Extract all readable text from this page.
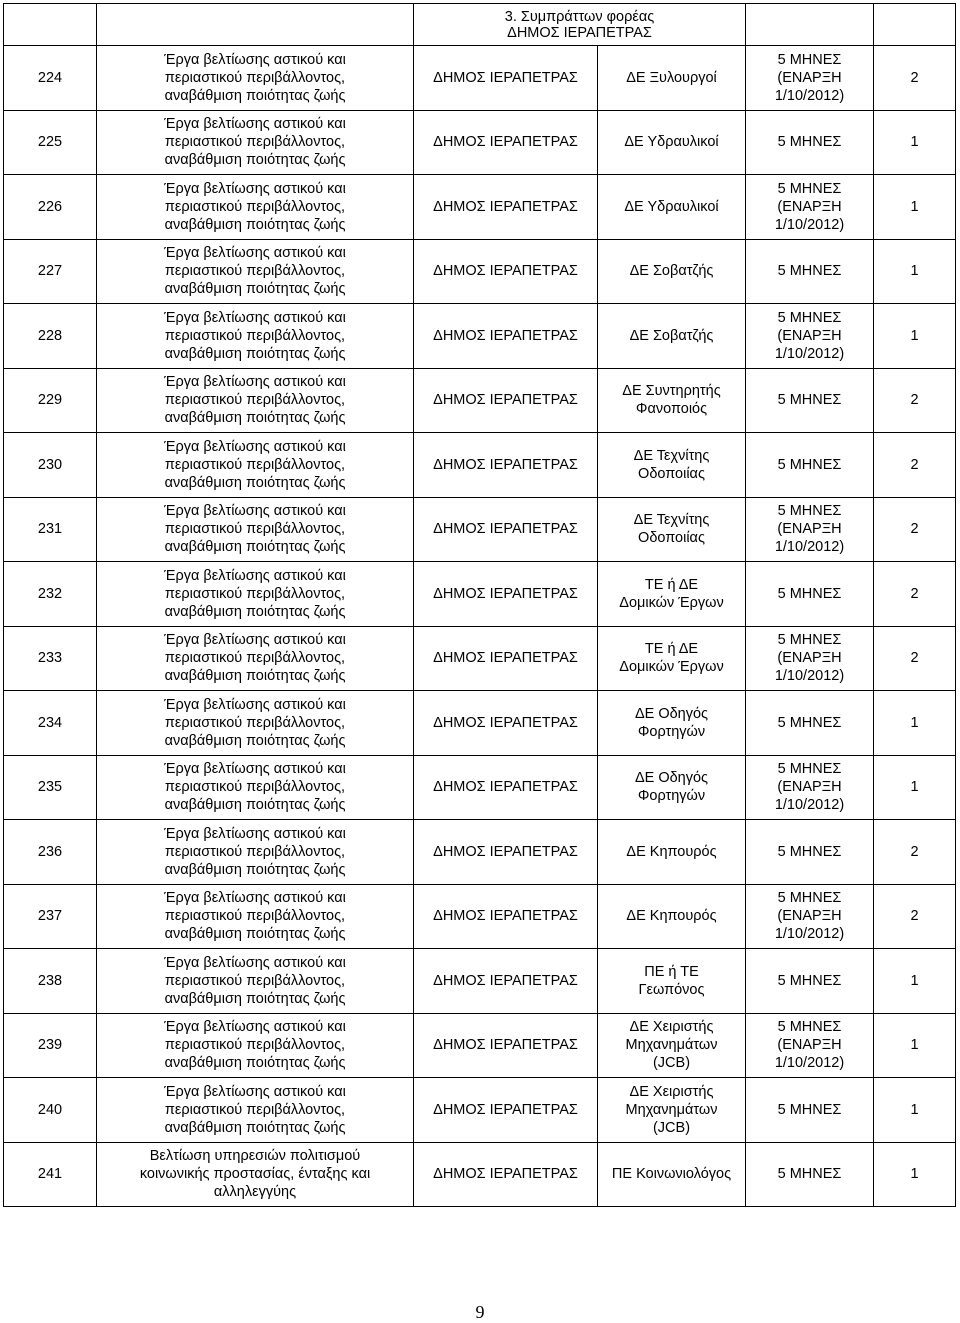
		3. Συμπράττων φορέας
ΔΗΜΟΣ ΙΕΡΑΠΕΤΡΑΣ			

224	Έργα βελτίωσης αστικού και
περιαστικού περιβάλλοντος,
αναβάθμιση ποιότητας ζωής	ΔΗΜΟΣ ΙΕΡΑΠΕΤΡΑΣ	ΔΕ Ξυλουργοί	5 ΜΗΝΕΣ
(ΕΝΑΡΞΗ
1/10/2012)	2
225	Έργα βελτίωσης αστικού και
περιαστικού περιβάλλοντος,
αναβάθμιση ποιότητας ζωής	ΔΗΜΟΣ ΙΕΡΑΠΕΤΡΑΣ	ΔΕ Υδραυλικοί	5 ΜΗΝΕΣ	1
226	Έργα βελτίωσης αστικού και
περιαστικού περιβάλλοντος,
αναβάθμιση ποιότητας ζωής	ΔΗΜΟΣ ΙΕΡΑΠΕΤΡΑΣ	ΔΕ Υδραυλικοί	5 ΜΗΝΕΣ
(ΕΝΑΡΞΗ
1/10/2012)	1
227	Έργα βελτίωσης αστικού και
περιαστικού περιβάλλοντος,
αναβάθμιση ποιότητας ζωής	ΔΗΜΟΣ ΙΕΡΑΠΕΤΡΑΣ	ΔΕ Σοβατζής	5 ΜΗΝΕΣ	1
228	Έργα βελτίωσης αστικού και
περιαστικού περιβάλλοντος,
αναβάθμιση ποιότητας ζωής	ΔΗΜΟΣ ΙΕΡΑΠΕΤΡΑΣ	ΔΕ Σοβατζής	5 ΜΗΝΕΣ
(ΕΝΑΡΞΗ
1/10/2012)	1
229	Έργα βελτίωσης αστικού και
περιαστικού περιβάλλοντος,
αναβάθμιση ποιότητας ζωής	ΔΗΜΟΣ ΙΕΡΑΠΕΤΡΑΣ	ΔΕ Συντηρητής
Φανοποιός	5 ΜΗΝΕΣ	2
230	Έργα βελτίωσης αστικού και
περιαστικού περιβάλλοντος,
αναβάθμιση ποιότητας ζωής	ΔΗΜΟΣ ΙΕΡΑΠΕΤΡΑΣ	ΔΕ Τεχνίτης
Οδοποιίας	5 ΜΗΝΕΣ	2
231	Έργα βελτίωσης αστικού και
περιαστικού περιβάλλοντος,
αναβάθμιση ποιότητας ζωής	ΔΗΜΟΣ ΙΕΡΑΠΕΤΡΑΣ	ΔΕ Τεχνίτης
Οδοποιίας	5 ΜΗΝΕΣ
(ΕΝΑΡΞΗ
1/10/2012)	2
232	Έργα βελτίωσης αστικού και
περιαστικού περιβάλλοντος,
αναβάθμιση ποιότητας ζωής	ΔΗΜΟΣ ΙΕΡΑΠΕΤΡΑΣ	ΤΕ ή ΔΕ
Δομικών Έργων	5 ΜΗΝΕΣ	2
233	Έργα βελτίωσης αστικού και
περιαστικού περιβάλλοντος,
αναβάθμιση ποιότητας ζωής	ΔΗΜΟΣ ΙΕΡΑΠΕΤΡΑΣ	ΤΕ ή ΔΕ
Δομικών Έργων	5 ΜΗΝΕΣ
(ΕΝΑΡΞΗ
1/10/2012)	2
234	Έργα βελτίωσης αστικού και
περιαστικού περιβάλλοντος,
αναβάθμιση ποιότητας ζωής	ΔΗΜΟΣ ΙΕΡΑΠΕΤΡΑΣ	ΔΕ Οδηγός
Φορτηγών	5 ΜΗΝΕΣ	1
235	Έργα βελτίωσης αστικού και
περιαστικού περιβάλλοντος,
αναβάθμιση ποιότητας ζωής	ΔΗΜΟΣ ΙΕΡΑΠΕΤΡΑΣ	ΔΕ Οδηγός
Φορτηγών	5 ΜΗΝΕΣ
(ΕΝΑΡΞΗ
1/10/2012)	1
236	Έργα βελτίωσης αστικού και
περιαστικού περιβάλλοντος,
αναβάθμιση ποιότητας ζωής	ΔΗΜΟΣ ΙΕΡΑΠΕΤΡΑΣ	ΔΕ Κηπουρός	5 ΜΗΝΕΣ	2
237	Έργα βελτίωσης αστικού και
περιαστικού περιβάλλοντος,
αναβάθμιση ποιότητας ζωής	ΔΗΜΟΣ ΙΕΡΑΠΕΤΡΑΣ	ΔΕ Κηπουρός	5 ΜΗΝΕΣ
(ΕΝΑΡΞΗ
1/10/2012)	2
238	Έργα βελτίωσης αστικού και
περιαστικού περιβάλλοντος,
αναβάθμιση ποιότητας ζωής	ΔΗΜΟΣ ΙΕΡΑΠΕΤΡΑΣ	ΠΕ ή ΤΕ
Γεωπόνος	5 ΜΗΝΕΣ	1
239	Έργα βελτίωσης αστικού και
περιαστικού περιβάλλοντος,
αναβάθμιση ποιότητας ζωής	ΔΗΜΟΣ ΙΕΡΑΠΕΤΡΑΣ	ΔΕ Χειριστής
Μηχανημάτων
(JCB)	5 ΜΗΝΕΣ
(ΕΝΑΡΞΗ
1/10/2012)	1
240	Έργα βελτίωσης αστικού και
περιαστικού περιβάλλοντος,
αναβάθμιση ποιότητας ζωής	ΔΗΜΟΣ ΙΕΡΑΠΕΤΡΑΣ	ΔΕ Χειριστής
Μηχανημάτων
(JCB)	5 ΜΗΝΕΣ	1
241	Βελτίωση υπηρεσιών πολιτισμού
κοινωνικής προστασίας, ένταξης και
αλληλεγγύης	ΔΗΜΟΣ ΙΕΡΑΠΕΤΡΑΣ	ΠΕ Κοινωνιολόγος	5 ΜΗΝΕΣ	1
9
